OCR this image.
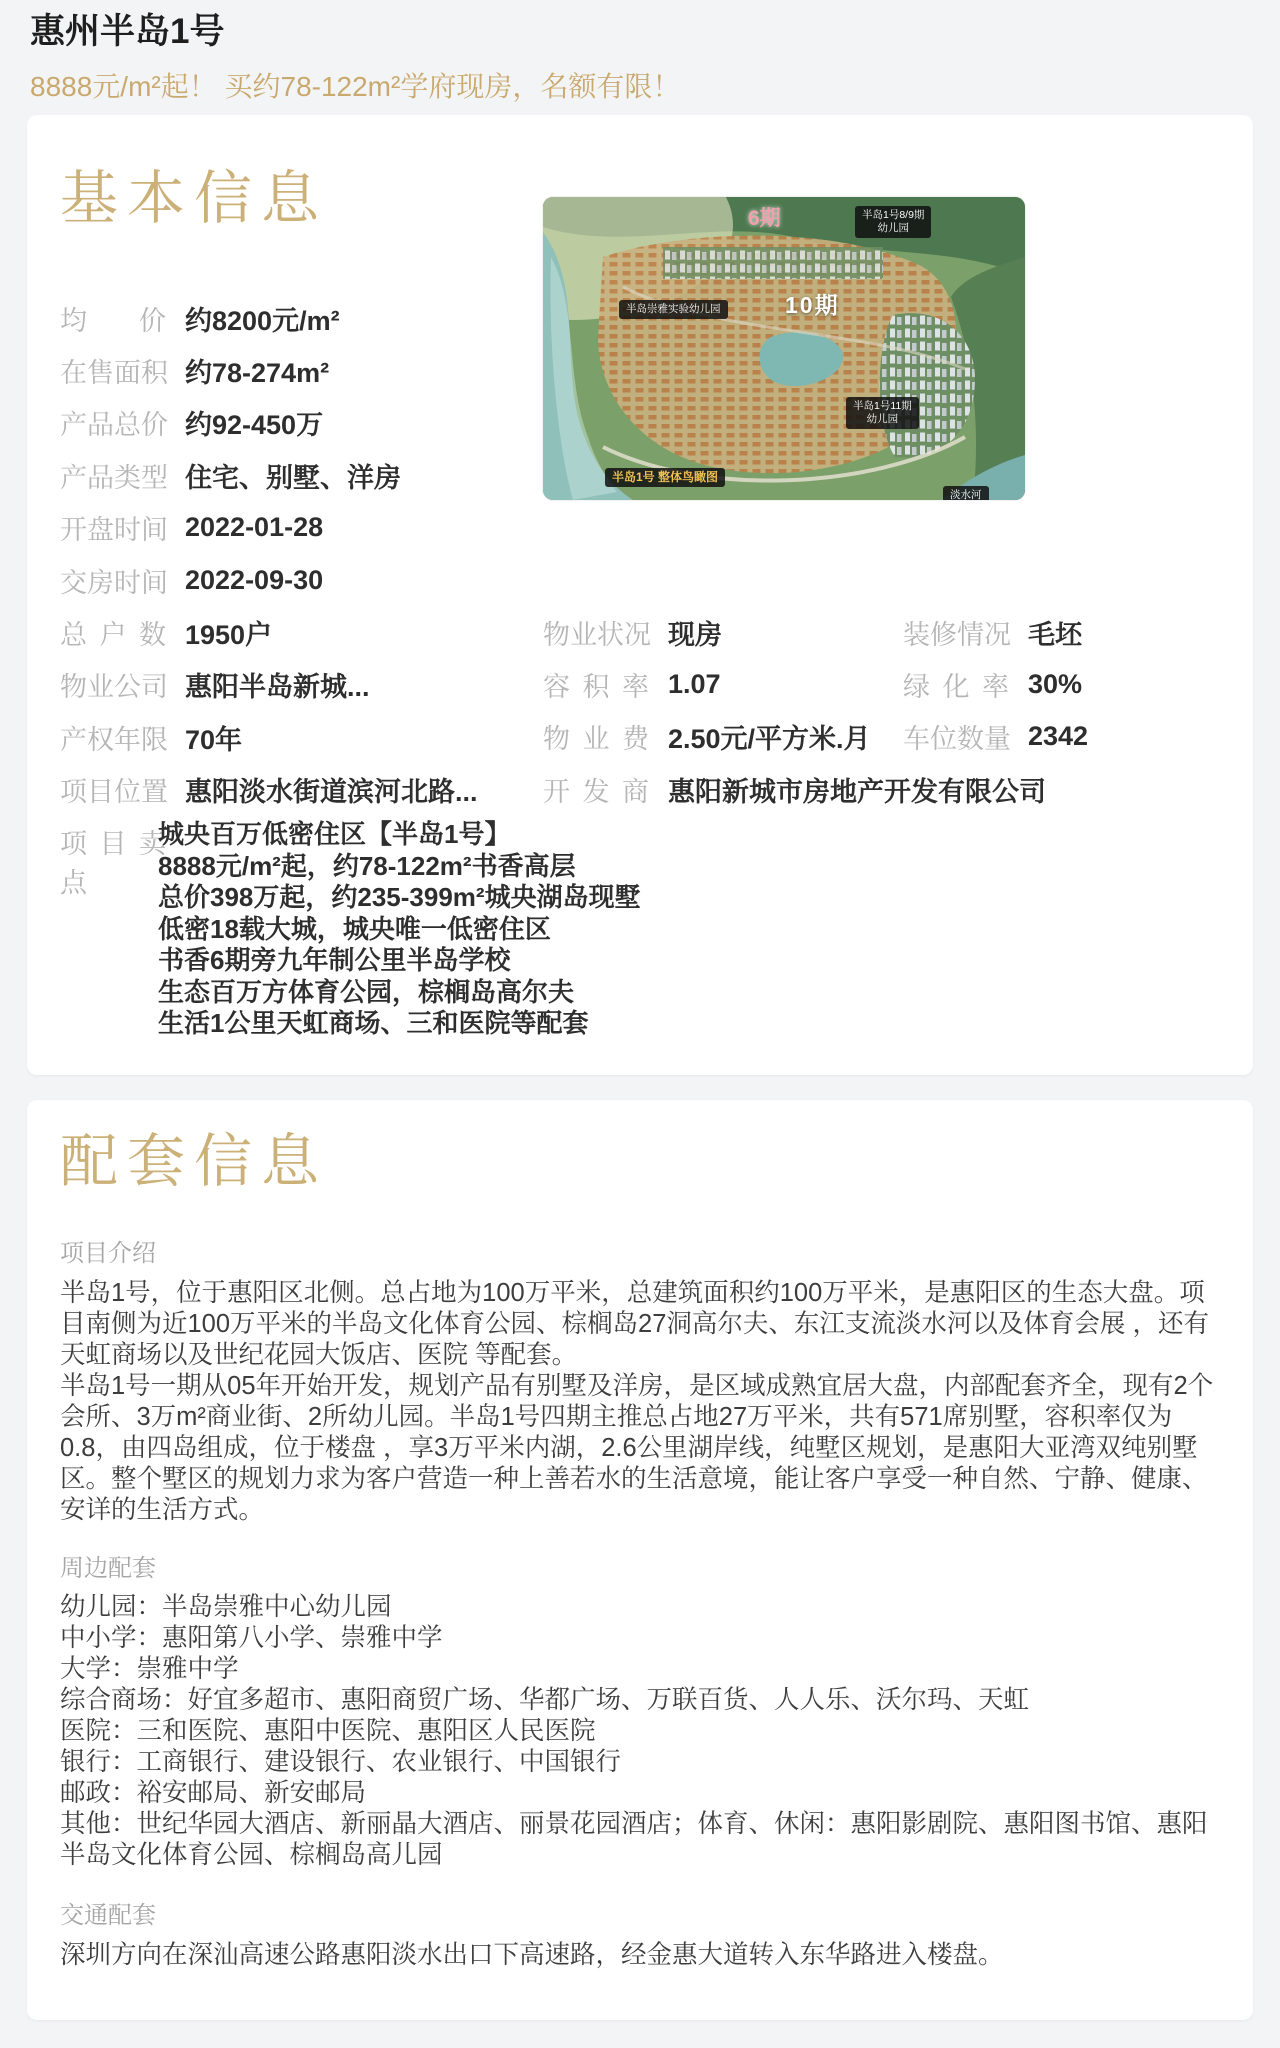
惠州半岛1号
8888元/m²起！ 买约78-122m²学府现房，名额有限！
基本信息	6期	半岛1号8/9期
幼儿园
半岛崇雅实验幼儿园	10期
半岛1号11期
幼儿园
半岛1号 整体鸟瞰图
淡水河
均价 约8200元/m²
在售面积 约78-274m²
产品总价 约92-450万
产品类型 住宅、别墅、洋房
开盘时间 2022-01-28
交房时间 2022-09-30
总户数 1950户
物业公司 惠阳半岛新城...
产权年限 70年
项目位置 惠阳淡水街道滨河北路...
物业状况 现房
容积率 1.07
物业费 2.50元/平方米.月
开发商 惠阳新城市房地产开发有限公司
装修情况 毛坯
绿化率 30%
车位数量 2342
项目卖点
城央百万低密住区【半岛1号】
8888元/m²起，约78-122m²书香高层
总价398万起，约235-399m²城央湖岛现墅
低密18载大城，城央唯一低密住区
书香6期旁九年制公里半岛学校
生态百万方体育公园，棕榈岛高尔夫
生活1公里天虹商场、三和医院等配套
配套信息
项目介绍

半岛1号，位于惠阳区北侧。总占地为100万平米，总建筑面积约100万平米，是惠阳区的生态大盘。项目南侧为近100万平米的半岛文化体育公园、棕榈岛27洞高尔夫、东江支流淡水河以及体育会展 ，还有天虹商场以及世纪花园大饭店、医院 等配套。

半岛1号一期从05年开始开发，规划产品有别墅及洋房，是区域成熟宜居大盘，内部配套齐全，现有2个会所、3万m²商业街、2所幼儿园。半岛1号四期主推总占地27万平米，共有571席别墅，容积率仅为0.8，由四岛组成，位于楼盘 ，享3万平米内湖，2.6公里湖岸线，纯墅区规划，是惠阳大亚湾双纯别墅区。整个墅区的规划力求为客户营造一种上善若水的生活意境，能让客户享受一种自然、宁静、健康、安详的生活方式。

周边配套
幼儿园：半岛崇雅中心幼儿园
中小学：惠阳第八小学、崇雅中学
大学：崇雅中学
综合商场：好宜多超市、惠阳商贸广场、华都广场、万联百货、人人乐、沃尔玛、天虹
医院：三和医院、惠阳中医院、惠阳区人民医院
银行：工商银行、建设银行、农业银行、中国银行
邮政：裕安邮局、新安邮局
其他：世纪华园大酒店、新丽晶大酒店、丽景花园酒店；体育、休闲：惠阳影剧院、惠阳图书馆、惠阳半岛文化体育公园、棕榈岛高儿园
交通配套
深圳方向在深汕高速公路惠阳淡水出口下高速路，经金惠大道转入东华路进入楼盘。
